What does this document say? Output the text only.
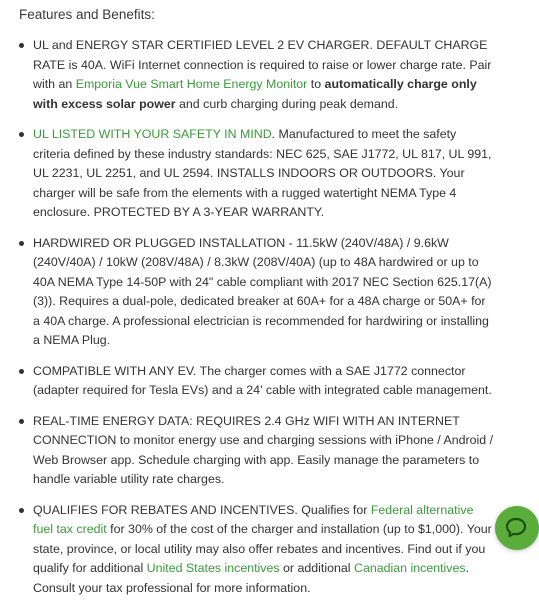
Features and Benefits:
UL and ENERGY STAR CERTIFIED LEVEL 2 EV CHARGER. DEFAULT CHARGE RATE is 40A. WiFi Internet connection is required to raise or lower charge rate. Pair with an Emporia Vue Smart Home Energy Monitor to automatically charge only with excess solar power and curb charging during peak demand.
UL LISTED WITH YOUR SAFETY IN MIND. Manufactured to meet the safety criteria defined by these industry standards: NEC 625, SAE J1772, UL 817, UL 991, UL 2231, UL 2251, and UL 2594. INSTALLS INDOORS OR OUTDOORS. Your charger will be safe from the elements with a rugged watertight NEMA Type 4 enclosure. PROTECTED BY A 3-YEAR WARRANTY.
HARDWIRED OR PLUGGED INSTALLATION - 11.5kW (240V/48A) / 9.6kW (240V/40A) / 10kW (208V/48A) / 8.3kW (208V/40A) (up to 48A hardwired or up to 40A NEMA Type 14-50P with 24" cable compliant with 2017 NEC Section 625.17(A)(3)). Requires a dual-pole, dedicated breaker at 60A+ for a 48A charge or 50A+ for a 40A charge. A professional electrician is recommended for hardwiring or installing a NEMA Plug.
COMPATIBLE WITH ANY EV. The charger comes with a SAE J1772 connector (adapter required for Tesla EVs) and a 24' cable with integrated cable management.
REAL-TIME ENERGY DATA: REQUIRES 2.4 GHz WIFI WITH AN INTERNET CONNECTION to monitor energy use and charging sessions with iPhone / Android / Web Browser app. Schedule charging with app. Easily manage the parameters to handle variable utility rate charges.
QUALIFIES FOR REBATES AND INCENTIVES. Qualifies for Federal alternative fuel tax credit for 30% of the cost of the charger and installation (up to $1,000). Your state, province, or local utility may also offer rebates and incentives. Find out if you qualify for additional United States incentives or additional Canadian incentives. Consult your tax professional for more information.
